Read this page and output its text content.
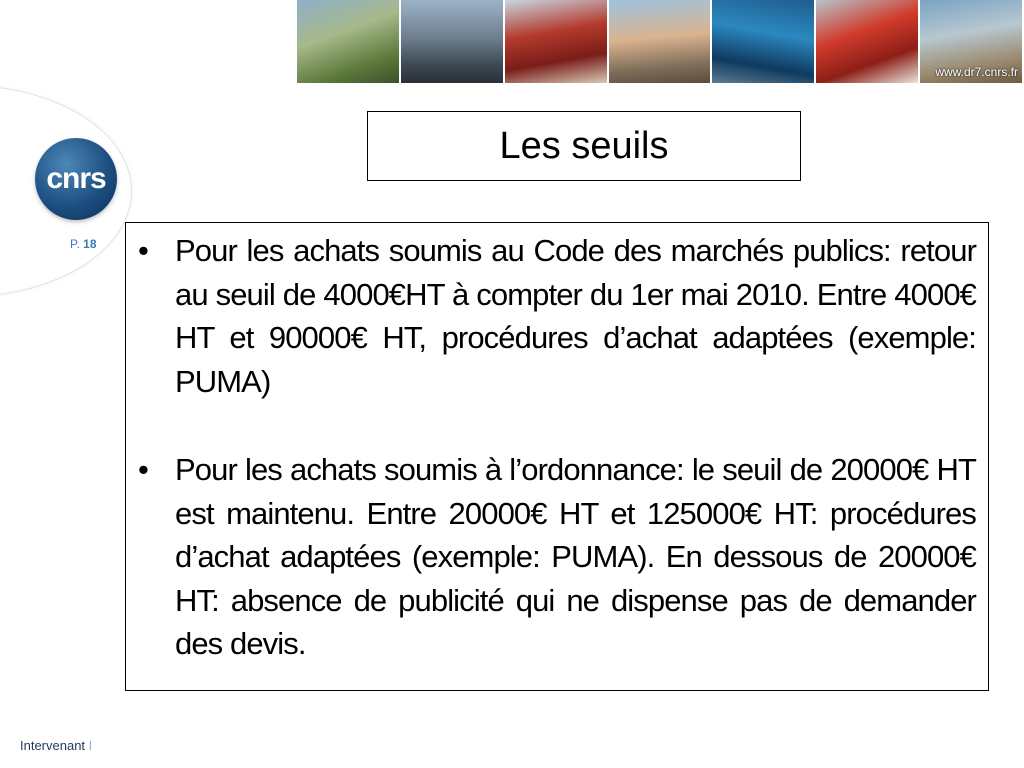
www.dr7.cnrs.fr
cnrs
P. 18
Les seuils
• Pour les achats soumis au Code des marchés publics: retour au seuil de 4000€HT à compter du 1er mai 2010. Entre 4000€ HT et 90000€ HT, procédures d’achat adaptées (exemple: PUMA)
• Pour les achats soumis à l’ordonnance: le seuil de 20000€ HT est maintenu. Entre 20000€ HT et 125000€ HT: procédures d’achat adaptées (exemple: PUMA). En dessous de 20000€ HT: absence de publicité qui ne dispense pas de demander des devis.
Intervenant I
